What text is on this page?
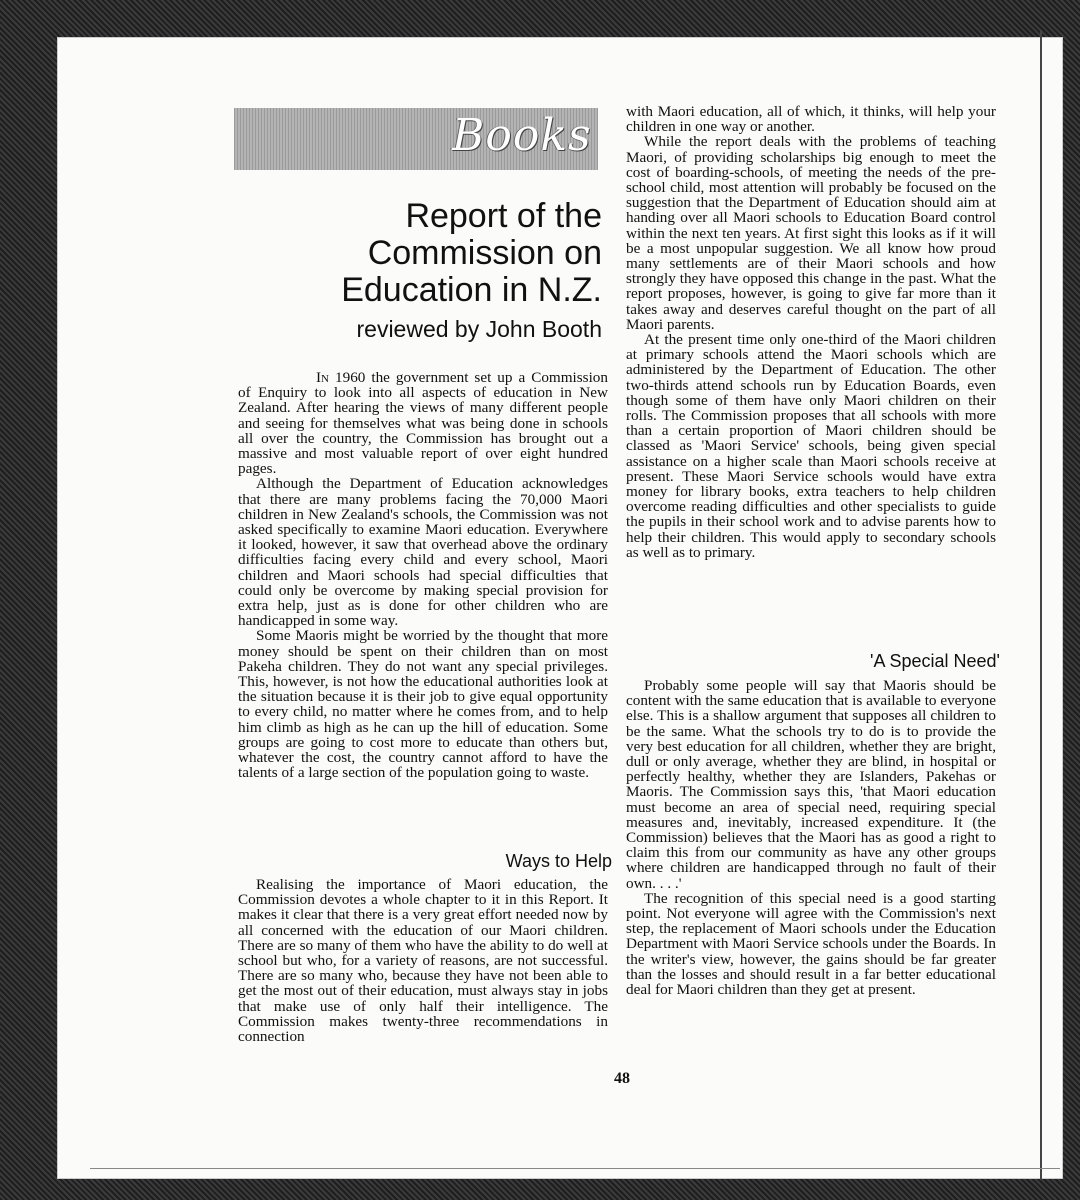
Books

Report of the
Commission on
Education in N.Z.

reviewed by John Booth

In 1960 the government set up a Commission of Enquiry to look into all aspects of education in New Zealand. After hearing the views of many different people and seeing for themselves what was being done in schools all over the country, the Commission has brought out a massive and most valuable report of over eight hundred pages.

Although the Department of Education acknowledges that there are many problems facing the 70,000 Maori children in New Zealand's schools, the Commission was not asked specifically to examine Maori education. Everywhere it looked, however, it saw that overhead above the ordinary difficulties facing every child and every school, Maori children and Maori schools had special difficulties that could only be overcome by making special provision for extra help, just as is done for other children who are handicapped in some way.

Some Maoris might be worried by the thought that more money should be spent on their children than on most Pakeha children. They do not want any special privileges. This, however, is not how the educational authorities look at the situation because it is their job to give equal opportunity to every child, no matter where he comes from, and to help him climb as high as he can up the hill of education. Some groups are going to cost more to educate than others but, whatever the cost, the country cannot afford to have the talents of a large section of the population going to waste.

Ways to Help

Realising the importance of Maori education, the Commission devotes a whole chapter to it in this Report. It makes it clear that there is a very great effort needed now by all concerned with the education of our Maori children. There are so many of them who have the ability to do well at school but who, for a variety of reasons, are not successful. There are so many who, because they have not been able to get the most out of their education, must always stay in jobs that make use of only half their intelligence. The Commission makes twenty-three recommendations in connection

with Maori education, all of which, it thinks, will help your children in one way or another.

While the report deals with the problems of teaching Maori, of providing scholarships big enough to meet the cost of boarding-schools, of meeting the needs of the pre-school child, most attention will probably be focused on the suggestion that the Department of Education should aim at handing over all Maori schools to Education Board control within the next ten years. At first sight this looks as if it will be a most unpopular suggestion. We all know how proud many settlements are of their Maori schools and how strongly they have opposed this change in the past. What the report proposes, however, is going to give far more than it takes away and deserves careful thought on the part of all Maori parents.

At the present time only one-third of the Maori children at primary schools attend the Maori schools which are administered by the Department of Education. The other two-thirds attend schools run by Education Boards, even though some of them have only Maori children on their rolls. The Commission proposes that all schools with more than a certain proportion of Maori children should be classed as 'Maori Service' schools, being given special assistance on a higher scale than Maori schools receive at present. These Maori Service schools would have extra money for library books, extra teachers to help children overcome reading difficulties and other specialists to guide the pupils in their school work and to advise parents how to help their children. This would apply to secondary schools as well as to primary.

'A Special Need'

Probably some people will say that Maoris should be content with the same education that is available to everyone else. This is a shallow argument that supposes all children to be the same. What the schools try to do is to provide the very best education for all children, whether they are bright, dull or only average, whether they are blind, in hospital or perfectly healthy, whether they are Islanders, Pakehas or Maoris. The Commission says this, 'that Maori education must become an area of special need, requiring special measures and, inevitably, increased expenditure. It (the Commission) believes that the Maori has as good a right to claim this from our community as have any other groups where children are handicapped through no fault of their own. . . .'

The recognition of this special need is a good starting point. Not everyone will agree with the Commission's next step, the replacement of Maori schools under the Education Department with Maori Service schools under the Boards. In the writer's view, however, the gains should be far greater than the losses and should result in a far better educational deal for Maori children than they get at present.

48
